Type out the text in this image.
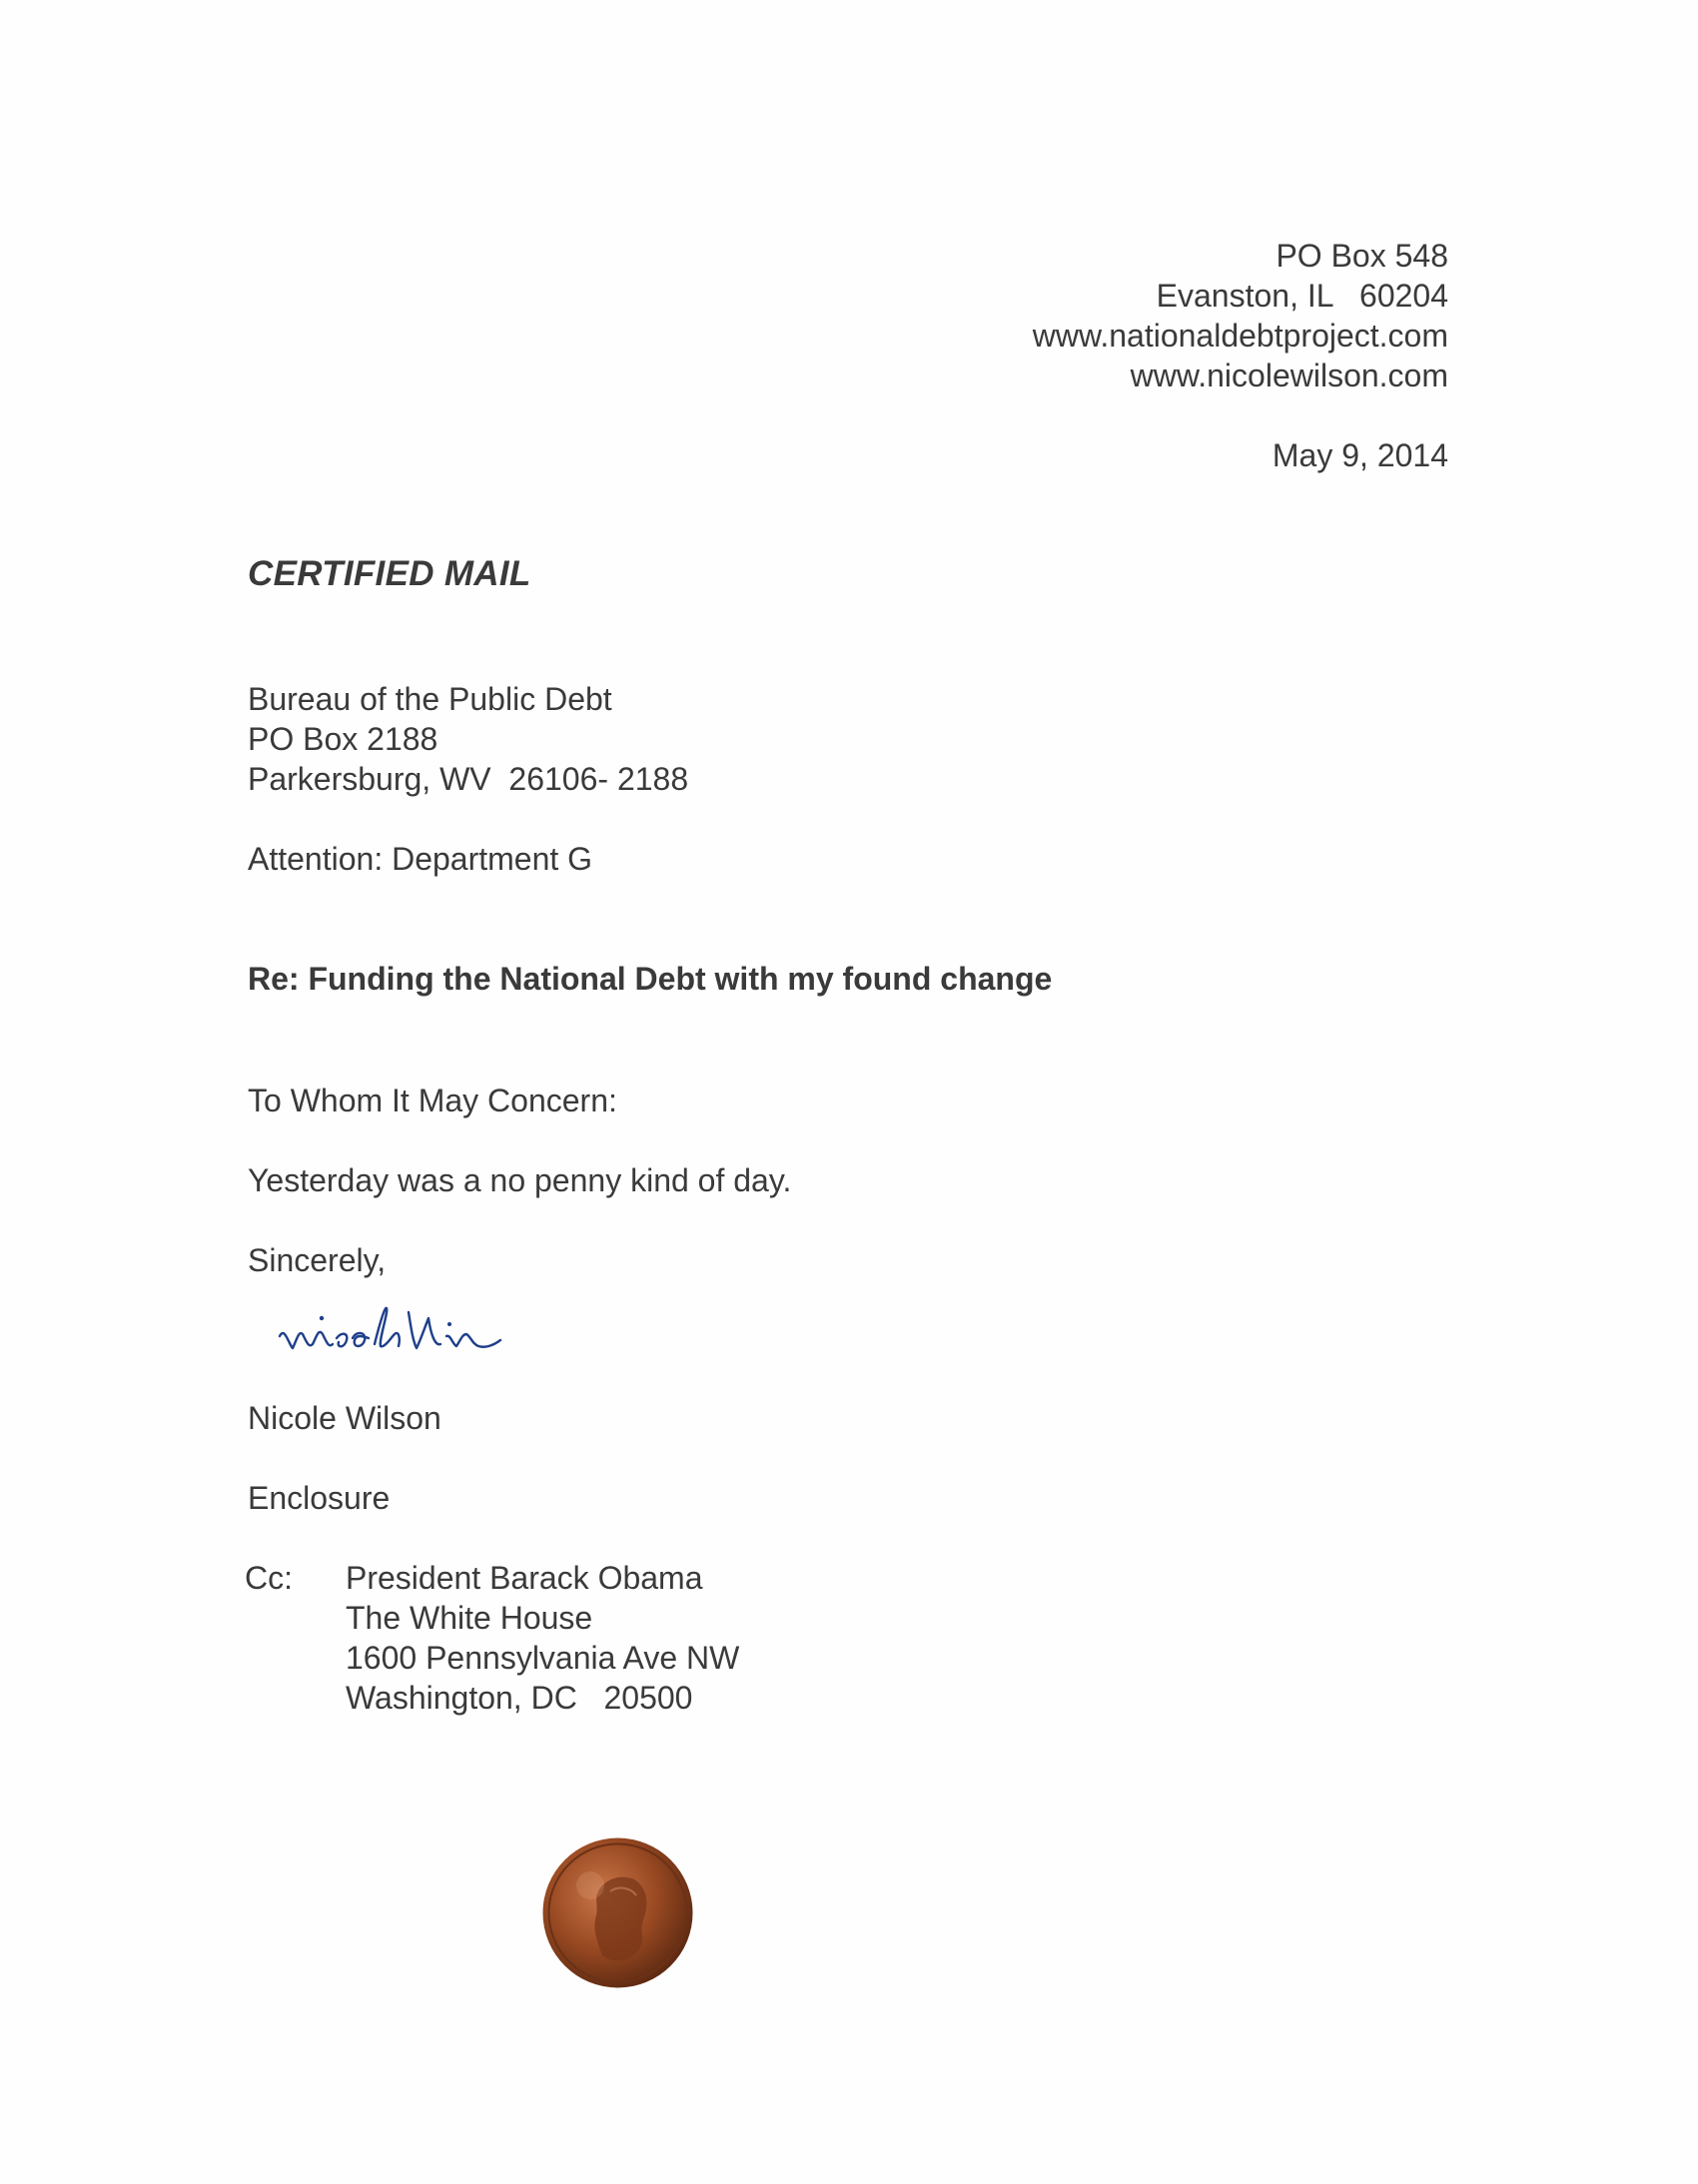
PO Box 548
Evanston, IL   60204
www.nationaldebtproject.com
www.nicolewilson.com
May 9, 2014
CERTIFIED MAIL
Bureau of the Public Debt
PO Box 2188
Parkersburg, WV  26106- 2188
Attention: Department G
Re: Funding the National Debt with my found change
To Whom It May Concern:
Yesterday was a no penny kind of day.
Sincerely,
Nicole Wilson
Enclosure
Cc: President Barack Obama
The White House
1600 Pennsylvania Ave NW
Washington, DC   20500
